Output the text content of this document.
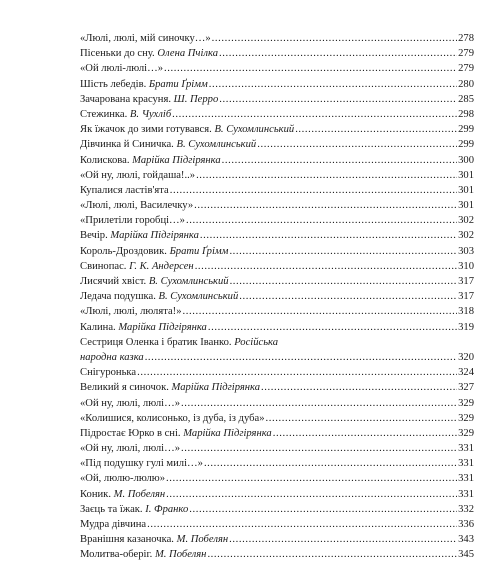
«Люлі, люлі, мій синочку…» .....	278
Пісеньки до сну. Олена Пчілка .....	279
«Ой люлі-люлі…» .....	279
Шість лебедів. Брати Ґрімм .....	280
Зачарована красуня. Ш. Перро .....	285
Стежинка. В. Чухліб .....	298
Як їжачок до зими готувався. В. Сухомлинський .....	299
Дівчинка й Синичка. В. Сухомлинський .....	299
Колискова. Марійка Підгірянка .....	300
«Ой ну, люлі, гойдаша!..» .....	301
Купалися ластів'ята .....	301
«Люлі, люлі, Василечку» .....	301
«Прилетіли горобці…» .....	302
Вечір. Марійка Підгірянка .....	302
Король-Дроздовик. Брати Ґрімм .....	303
Свинопас. Г. К. Андерсен .....	310
Лисячий хвіст. В. Сухомлинський .....	317
Ледача подушка. В. Сухомлинський .....	317
«Люлі, люлі, люлята!» .....	318
Калина. Марійка Підгірянка .....	319
Сестриця Оленка і братик Іванко.
Російська
народна казка .....	320
Снігуронька .....	324
Великий я синочок. Марійка Підгірянка .....	327
«Ой ну, люлі, люлі…» .....	329
«Колишися, колисонько, із дуба, із дуба» .....	329
Підростає Юрко в сні. Марійка Підгірянка .....	329
«Ой ну, люлі, люлі…» .....	331
«Під подушку гулі милі…» .....	331
«Ой, люлю-люлю» .....	331
Коник. М. Побелян .....	331
Заєць та їжак. І. Франко .....	332
Мудра дівчина .....	336
Вранішня казаночка. М. Побелян .....	343
Молитва-оберіг. М. Побелян .....	345
